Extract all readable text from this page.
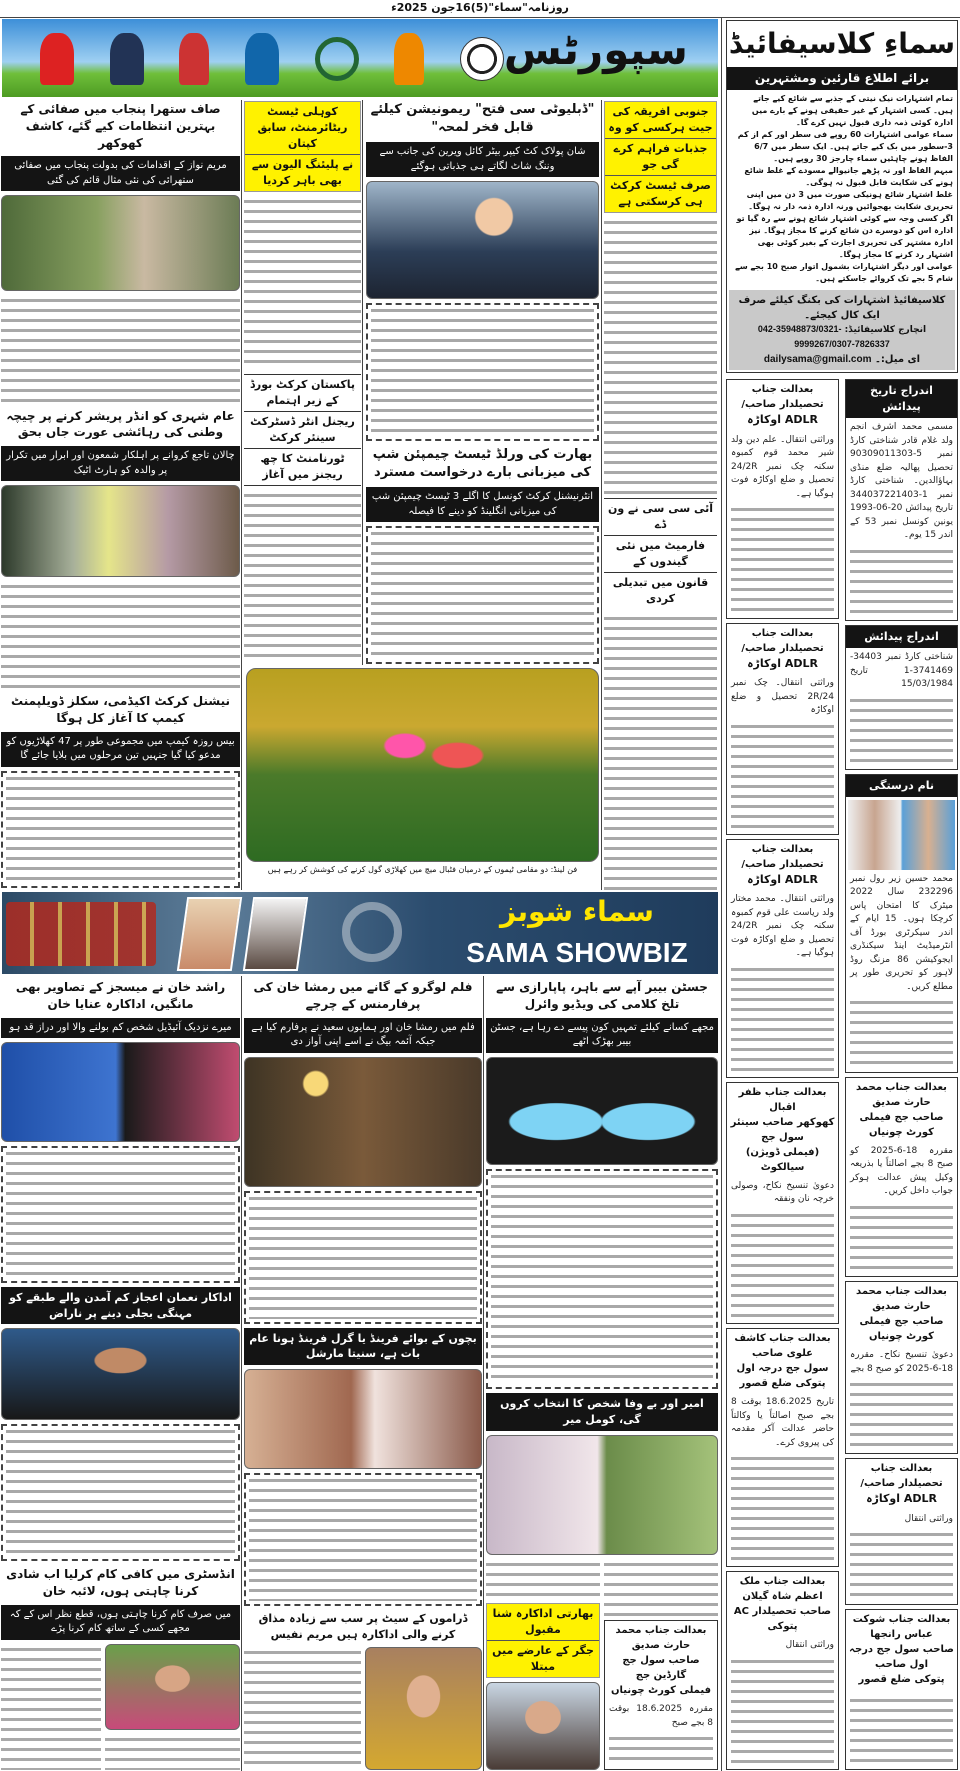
روزنامہ"سماء"(5)16جون 2025ء
سپورٹس
جنوبی افریقہ کی جیت ہرکسی کو وہ
جذبات فراہم کرے گی جو
صرف ٹیسٹ کرکٹ ہی کرسکتی ہے
آئی سی سی نے ون ڈے
فارمیٹ میں نئی گیندوں کے
قانون میں تبدیلی کردی
"ڈبلیوٹی سی فتح" ریمونیشن کیلئے قابل فخر لمحہ"
شان پولاک کٹ کیپر بیٹر کائل ویرین کی جانب سے وننگ شاٹ لگاتے ہی جذباتی ہوگئے
بھارت کی ورلڈ ٹیسٹ چیمپئن شپ کی میزبانی بارے درخواست مسترد
انٹرنیشنل کرکٹ کونسل کا اگلے 3 ٹیسٹ چیمپئن شپ کی میزبانی انگلینڈ کو دینے کا فیصلہ
فن لینڈ: دو مقامی ٹیموں کے درمیان فٹبال میچ میں کھلاڑی گول کرنے کی کوشش کر رہے ہیں
کوہلی ٹیسٹ ریٹائرمنٹ، سابق کپتان
نے پلیئنگ الیون سے بھی باہر کردیا
پاکستان کرکٹ بورڈ کے زیر اہتمام
ریجنل انٹر ڈسٹرکٹ سینئر کرکٹ
ٹورنامنٹ کا چھ ریجنز میں آغاز
صاف ستھرا پنجاب میں صفائی کے بہترین انتظامات کیے گئے، کاشف کھوکھر
مریم نواز کے اقدامات کی بدولت پنجاب میں صفائی ستھرائی کی نئی مثال قائم کی گئی
عام شہری کو انڈر پریشر کرنے پر چیچہ وطنی کی رہائشی عورت جاں بحق
چالان تاجع کروانے پر اہلکار شمعون اور ابرار میں تکرار پر والدہ کو ہارٹ اٹیک
نیشنل کرکٹ اکیڈمی، سکلز ڈویلپمنٹ کیمپ کا آغاز کل ہوگا
بیس روزہ کیمپ میں مجموعی طور پر 47 کھلاڑیوں کو مدعو کیا گیا جنہیں تین مرحلوں میں بلایا جائے گا
سماء شوبز
SAMA SHOWBIZ
جسٹن بیبر آپے سے باہر، پاپارازی سے تلخ کلامی کی ویڈیو وائرل
مجھے کسانے کیلئے تمہیں کون پیسے دے رہا ہے، جسٹن بیبر بھڑک اٹھے
امیر اور بے وفا شخص کا انتخاب کروں گی، کومل میر
بھارتی اداکارہ شنا مقبول
جگر کے عارضے میں مبتلا
بعدالت جناب محمد حارث صدیق
صاحب سول جج گارڈین جج
فیملی کورٹ چونیاں
مقررہ 18.6.2025 بوقت 8 بجے صبح
فلم لوگرو کے گانے میں رمشا خان کی پرفارمنس کے چرچے
فلم میں رمشا خان اور ہمایوں سعید نے پرفارم کیا ہے جبکہ آئمہ بیگ نے اسے اپنی آواز دی
بچوں کے بوائے فرینڈ یا گرل فرینڈ ہونا عام بات ہے، سنیتا مارشل
ڈراموں کے سیٹ پر سب سے زیادہ مذاق کرنے والی اداکارہ ہیں مریم نفیس
راشد خان نے میسجز کے تصاویر بھی مانگیں، اداکارہ عنایا خان
میرے نزدیک آئیڈیل شخص کم بولنے والا اور دراز قد ہو
اداکار نعمان اعجاز کم آمدن والے طبقے کو مہنگی بجلی دینے پر ناراض
انڈسٹری میں کافی کام کرلیا اب شادی کرنا چاہتی ہوں، لائبہ خان
میں صرف کام کرنا چاہتی ہوں، قطع نظر اس کے کہ مجھے کسی کے ساتھ کام کرنا پڑے
سماءِ کلاسیفائیڈ
برائے اطلاع قارئین ومشتہرین
تمام اشتہارات نیک نیتی کے جذبے سے شائع کیے جاتے ہیں۔ کسی اشتہار کے غیر حقیقی ہونے کے بارے میں ادارہ کوئی ذمہ داری قبول نہیں کرے گا۔
سماء عوامی اشتہارات 60 روپے فی سطر اور کم از کم 3-سطور میں بک کیے جاتے ہیں۔ ایک سطر میں 6/7 الفاظ ہونے چاہئیں سماء چارجز 30 روپے ہیں۔
مبہم الفاظ اور نہ پڑھے جانیوالے مسودے کے غلط شائع ہونے کی شکایت قابل قبول نہ ہوگی۔
غلط اشتہار شائع ہونیکی صورت میں 3 دن میں اپنی تحریری شکایت بھجوائیں ورنہ ادارہ ذمہ دار نہ ہوگا۔
اگر کسی وجہ سے کوئی اشتہار شائع ہونے سے رہ گیا تو ادارہ اس کو دوسرے دن شائع کرنے کا مجاز ہوگا۔ نیز ادارہ مشتہر کی تحریری اجازت کے بغیر کوئی بھی اشتہار رد کرنے کا مجاز ہوگا۔
عوامی اور دیگر اشتہارات بشمول اتوار صبح 10 بجے سے شام 5 بجے تک کروائے جاسکتے ہیں۔
کلاسیفائیڈ اشتہارات کی بکنگ کیلئے صرف ایک کال کیجئے۔
انچارج کلاسیفائیڈ: 042-35948873/0321-9999267/0307-7826337
ای میل:۔ dailysama@gmail.com
بعدالت جناب تحصیلدار صاحب/
ADLR اوکاڑہ
وراثتی انتقال۔ علم دین ولد شیر محمد قوم کمبوہ سکنہ چک نمبر 24/2R تحصیل و ضلع اوکاڑہ فوت ہوگیا ہے۔
بعدالت جناب تحصیلدار صاحب/
ADLR اوکاڑہ
وراثتی انتقال۔ چک نمبر 2R/24 تحصیل و ضلع اوکاڑہ
بعدالت جناب تحصیلدار صاحب/
ADLR اوکاڑہ
وراثتی انتقال۔ محمد مختار ولد ریاست علی قوم کمبوہ سکنہ چک نمبر 24/2R تحصیل و ضلع اوکاڑہ فوت ہوگیا ہے۔
بعدالت جناب ظفر اقبال
کھوکھر صاحب سینئر سول جج
(فیملی ڈویژن) سیالکوٹ
دعویٰ تنسیخ نکاح، وصولی خرچہ نان ونفقہ
بعدالت جناب کاشف علوی صاحب
سول جج درجہ اول پتوکی ضلع قصور
تاریخ 18.6.2025 بوقت 8 بجے صبح اصالتاً یا وکالتاً حاضر عدالت آکر مقدمہ کی پیروی کرے۔
بعدالت جناب ملک اعظم شاہ گیلان
صاحب تحصیلدار AC پتوکی
وراثتی انتقال
اندراج تاریخ پیدائش
مسمی محمد اشرف انجم ولد غلام قادر شناختی کارڈ نمبر 5-90309011303 تحصیل پھالیہ ضلع منڈی بہاؤالدین۔ شناختی کارڈ نمبر 1-344037221403 تاریخ پیدائش 20-06-1993 یونین کونسل نمبر 53 کے اندر 15 یوم۔
اندراج پیدائش
شناختی کارڈ نمبر 34403-3741469-1 تاریخ 15/03/1984
نام درستگی
محمد حسین زیر رول نمبر 232296 سال 2022 میٹرک کا امتحان پاس کرچکا ہوں۔ 15 ایام کے اندر سیکرٹری بورڈ آف انٹرمیڈیٹ اینڈ سیکنڈری ایجوکیشن 86 مزنگ روڈ لاہور کو تحریری طور پر مطلع کریں۔
بعدالت جناب محمد حارث صدیق
صاحب جج فیملی کورٹ چونیاں
مقررہ 18-6-2025 کو صبح 8 بجے اصالتاً یا بذریعہ وکیل پیش عدالت ہوکر جواب داخل کریں۔
بعدالت جناب محمد حارث صدیق
صاحب جج فیملی کورٹ چونیاں
دعویٰ تنسیخ نکاح۔ مقررہ 18-6-2025 کو صبح 8 بجے
بعدالت جناب تحصیلدار صاحب/
ADLR اوکاڑہ
وراثتی انتقال
بعدالت جناب شوکت عباس رانجھا
صاحب سول جج درجہ اول صاحب
پتوکی ضلع قصور
